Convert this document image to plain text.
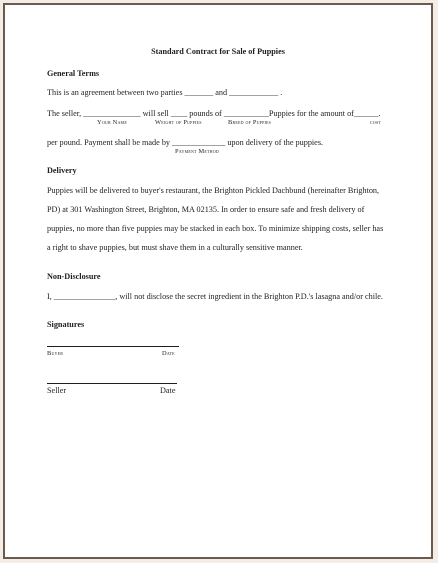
Standard Contract for Sale of Puppies
General Terms
This is an agreement between two parties _______ and ____________ .
The seller, ______________ will sell ____ pounds of ___________Puppies for the amount of______.
Your Name	Weight of Puppies	Breed of Puppies	cost
per pound. Payment shall be made by _____________ upon delivery of the puppies.
Payment Method
Delivery
Puppies will be delivered to buyer's restaurant, the Brighton Pickled Dachbund (hereinafter Brighton,
PD) at 301 Washington Street, Brighton, MA 02135. In order to ensure safe and fresh delivery of
puppies, no more than five puppies may be stacked in each box. To minimize shipping costs, seller has
a right to shave puppies, but must shave them in a culturally sensitive manner.
Non-Disclosure
I, _______________, will not disclose the secret ingredient in the Brighton P.D.'s lasagna and/or chile.
Signatures
Buyer	Date
Seller	Date
